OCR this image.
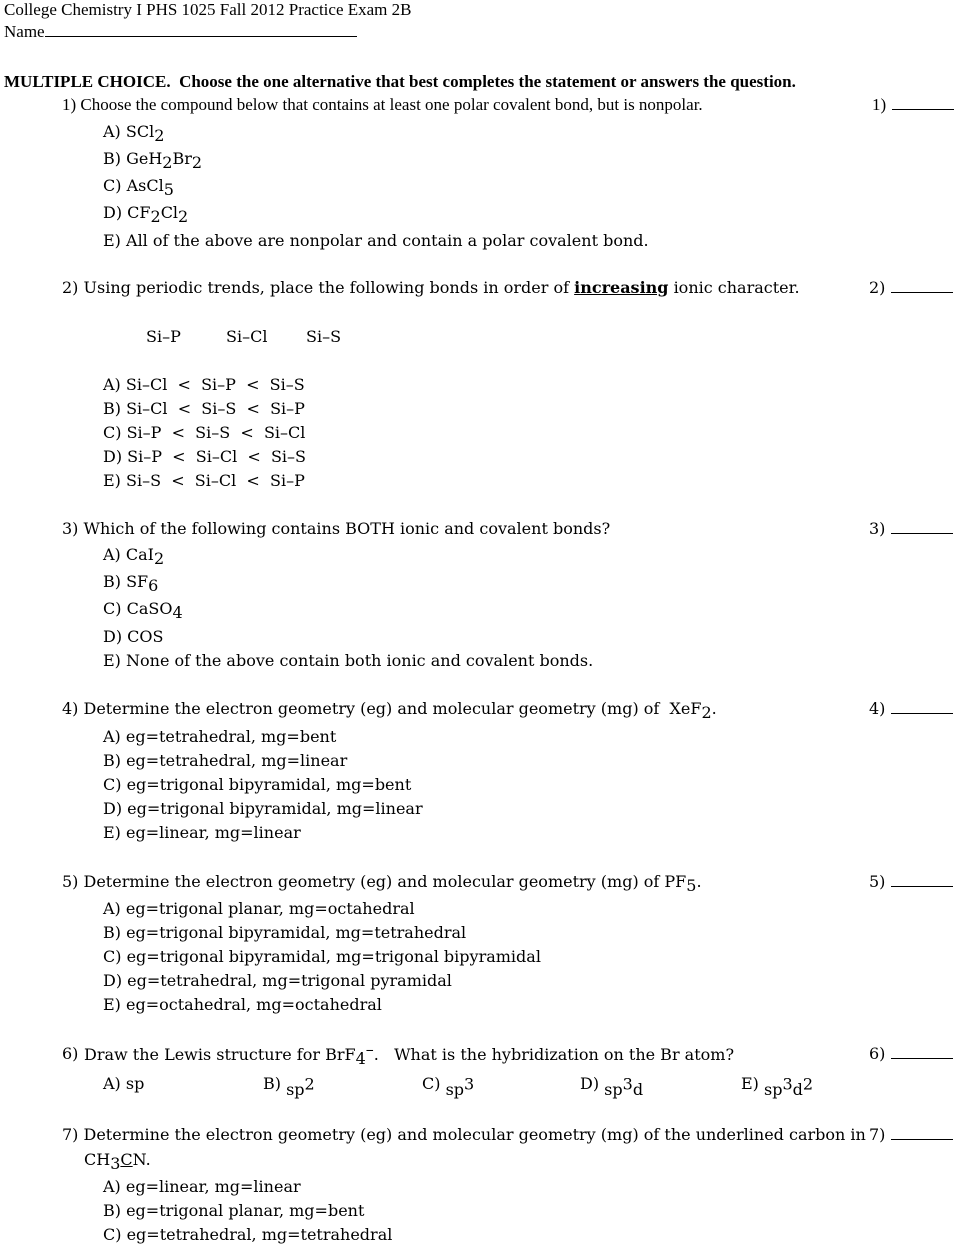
College Chemistry I PHS 1025 Fall 2012 Practice Exam 2B
Name
MULTIPLE CHOICE. Choose the one alternative that best completes the statement or answers the question.
1) Choose the compound below that contains at least one polar covalent bond, but is nonpolar.	1)
A) SCl2
B) GeH2Br2
C) AsCl5
D) CF2Cl2
E) All of the above are nonpolar and contain a polar covalent bond.
2) Using periodic trends, place the following bonds in order of increasing ionic character.	2)
Si–P	Si–Cl Si–S
A) Si–Cl  <  Si–P  <  Si–S
B) Si–Cl  <  Si–S  <  Si–P
C) Si–P  <  Si–S  <  Si–Cl
D) Si–P  <  Si–Cl  <  Si–S
E) Si–S  <  Si–Cl  <  Si–P
3) Which of the following contains BOTH ionic and covalent bonds?	3)
A) CaI2
B) SF6
C) CaSO4
D) COS
E) None of the above contain both ionic and covalent bonds.
4) Determine the electron geometry (eg) and molecular geometry (mg) of XeF2.	4)
A) eg=tetrahedral, mg=bent
B) eg=tetrahedral, mg=linear
C) eg=trigonal bipyramidal, mg=bent
D) eg=trigonal bipyramidal, mg=linear
E) eg=linear, mg=linear
5) Determine the electron geometry (eg) and molecular geometry (mg) of PF5.	5)
A) eg=trigonal planar, mg=octahedral
B) eg=trigonal bipyramidal, mg=tetrahedral
C) eg=trigonal bipyramidal, mg=trigonal bipyramidal
D) eg=tetrahedral, mg=trigonal pyramidal
E) eg=octahedral, mg=octahedral
6) Draw the Lewis structure for BrF4–.   What is the hybridization on the Br atom?	6)
A) sp	B) sp2	C) sp3	D) sp3d	E) sp3d2
7) Determine the electron geometry (eg) and molecular geometry (mg) of the underlined carbon in
CH3CN.
7)
A) eg=linear, mg=linear
B) eg=trigonal planar, mg=bent
C) eg=tetrahedral, mg=tetrahedral
